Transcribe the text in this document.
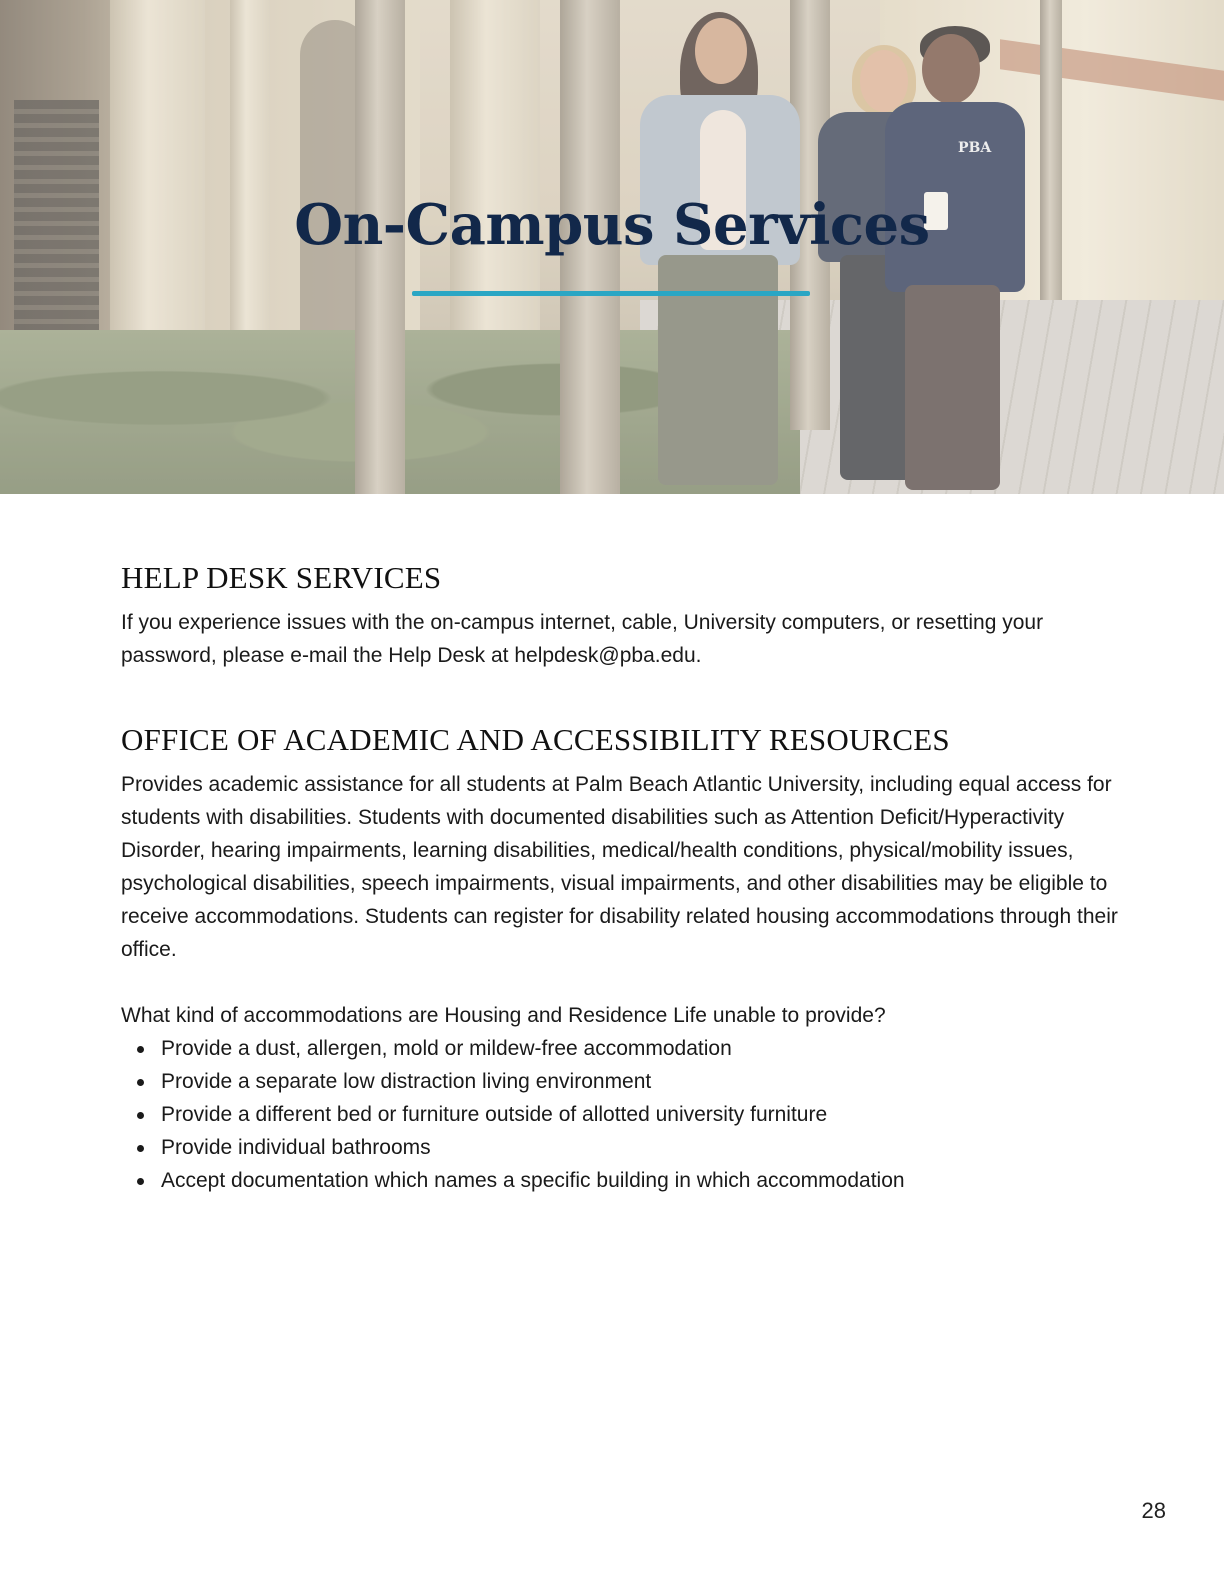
PBA
On-Campus Services
HELP DESK SERVICES

If you experience issues with the on-campus internet, cable, University computers, or resetting your password, please e-mail the Help Desk at helpdesk@pba.edu.

OFFICE OF ACADEMIC AND ACCESSIBILITY RESOURCES

Provides academic assistance for all students at Palm Beach Atlantic University, including equal access for students with disabilities. Students with documented disabilities such as Attention Deficit/Hyperactivity Disorder, hearing impairments, learning disabilities, medical/health conditions, physical/mobility issues, psychological disabilities, speech impairments, visual impairments, and other disabilities may be eligible to receive accommodations. Students can register for disability related housing accommodations through their office.

What kind of accommodations are Housing and Residence Life unable to provide?

Provide a dust, allergen, mold or mildew-free accommodation
Provide a separate low distraction living environment
Provide a different bed or furniture outside of allotted university furniture
Provide individual bathrooms
Accept documentation which names a specific building in which accommodation
28
